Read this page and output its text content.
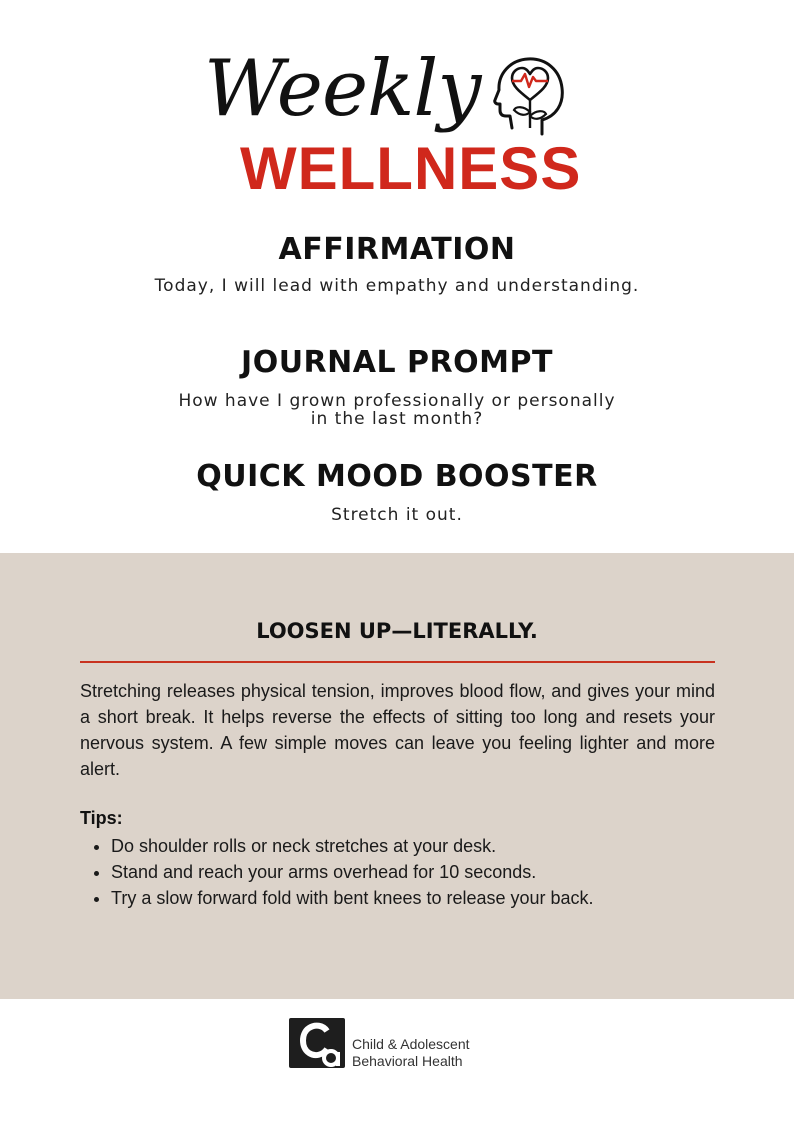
Weekly
WELLNESS
AFFIRMATION
Today, I will lead with empathy and understanding.
JOURNAL PROMPT
How have I grown professionally or personally
in the last month?
QUICK MOOD BOOSTER
Stretch it out.
LOOSEN UP—LITERALLY.
Stretching releases physical tension, improves blood flow, and gives your mind a short break. It helps reverse the effects of sitting too long and resets your nervous system. A few simple moves can leave you feeling lighter and more alert.
Tips:
• Do shoulder rolls or neck stretches at your desk.
• Stand and reach your arms overhead for 10 seconds.
• Try a slow forward fold with bent knees to release your back.
Child & Adolescent
Behavioral Health
